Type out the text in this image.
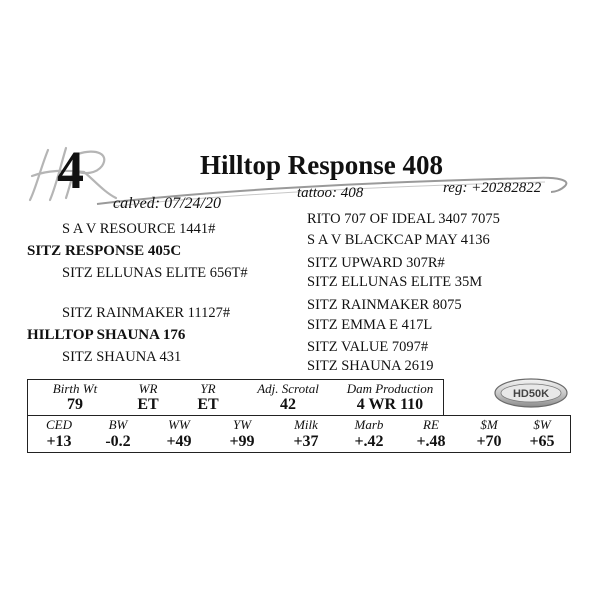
4	Hilltop Response 408
reg: +20282822
tattoo: 408
calved: 07/24/20
S A V RESOURCE 1441#
SITZ RESPONSE 405C
SITZ ELLUNAS ELITE 656T#
SITZ RAINMAKER 11127#
HILLTOP SHAUNA 176
SITZ SHAUNA 431
RITO 707 OF IDEAL 3407 7075
S A V BLACKCAP MAY 4136
SITZ UPWARD 307R#
SITZ ELLUNAS ELITE 35M
SITZ RAINMAKER 8075
SITZ EMMA E 417L
SITZ VALUE 7097#
SITZ SHAUNA 2619
Birth Wt	WR	YR	Adj. Scrotal	Dam Production
79	ET	ET	42	4 WR 110
HD50K
CED	BW	WW	YW	Milk	Marb	RE	$M	$W
+13	-0.2	+49	+99	+37	+.42	+.48	+70	+65
